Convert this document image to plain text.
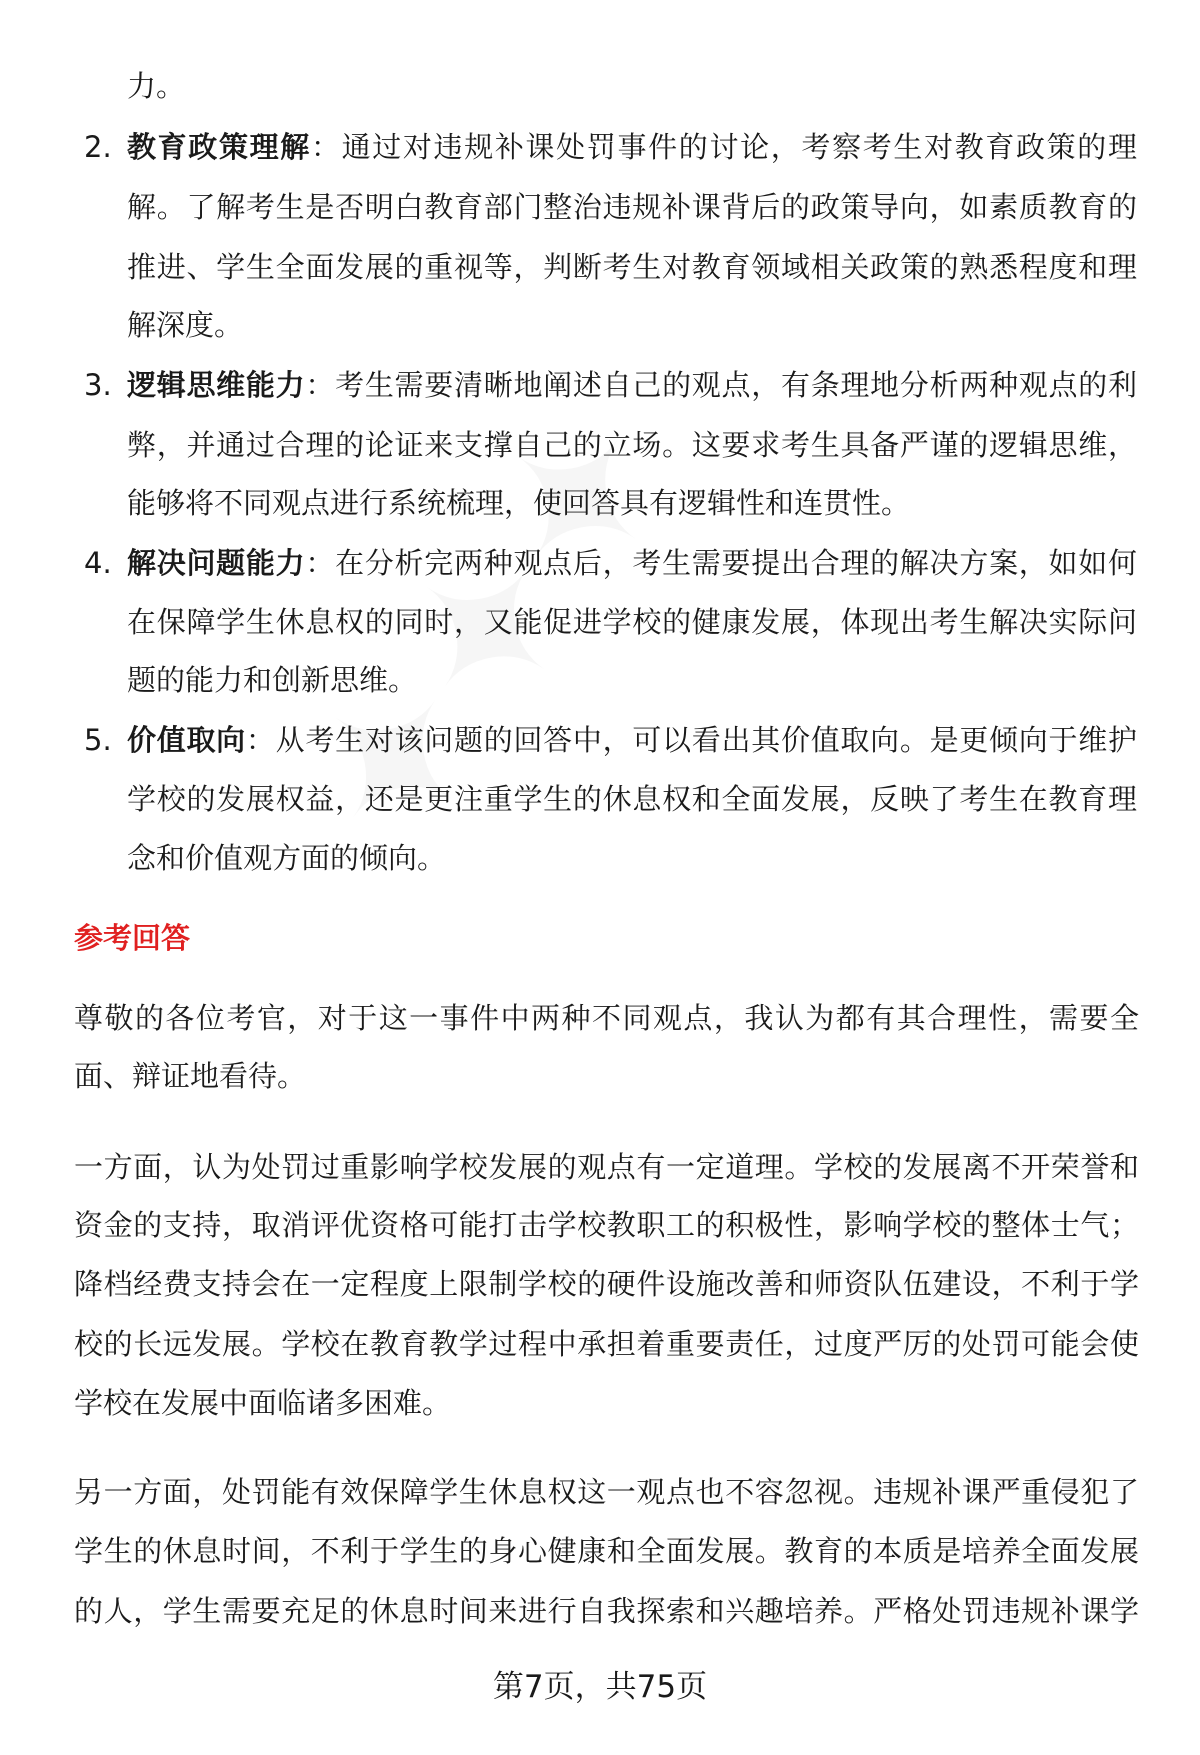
力。
2. 教育政策理解：通过对违规补课处罚事件的讨论，考察考生对教育政策的理
解。了解考生是否明白教育部门整治违规补课背后的政策导向，如素质教育的
推进、学生全面发展的重视等，判断考生对教育领域相关政策的熟悉程度和理
解深度。
3. 逻辑思维能力：考生需要清晰地阐述自己的观点，有条理地分析两种观点的利
弊，并通过合理的论证来支撑自己的立场。这要求考生具备严谨的逻辑思维，
能够将不同观点进行系统梳理，使回答具有逻辑性和连贯性。
4. 解决问题能力：在分析完两种观点后，考生需要提出合理的解决方案，如如何
在保障学生休息权的同时，又能促进学校的健康发展，体现出考生解决实际问
题的能力和创新思维。
5. 价值取向：从考生对该问题的回答中，可以看出其价值取向。是更倾向于维护
学校的发展权益，还是更注重学生的休息权和全面发展，反映了考生在教育理
念和价值观方面的倾向。
参考回答
尊敬的各位考官，对于这一事件中两种不同观点，我认为都有其合理性，需要全
面、辩证地看待。
一方面，认为处罚过重影响学校发展的观点有一定道理。学校的发展离不开荣誉和
资金的支持，取消评优资格可能打击学校教职工的积极性，影响学校的整体士气；
降档经费支持会在一定程度上限制学校的硬件设施改善和师资队伍建设，不利于学
校的长远发展。学校在教育教学过程中承担着重要责任，过度严厉的处罚可能会使
学校在发展中面临诸多困难。
另一方面，处罚能有效保障学生休息权这一观点也不容忽视。违规补课严重侵犯了
学生的休息时间，不利于学生的身心健康和全面发展。教育的本质是培养全面发展
的人，学生需要充足的休息时间来进行自我探索和兴趣培养。严格处罚违规补课学
第7页，共75页
